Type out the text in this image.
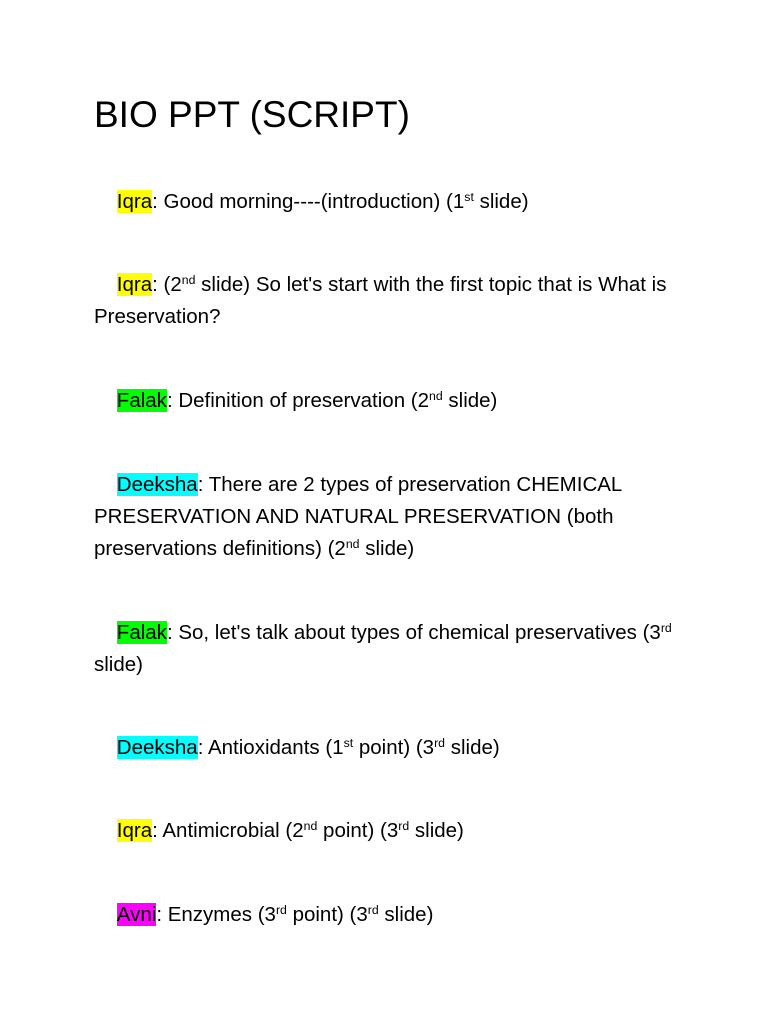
BIO PPT (SCRIPT)

Iqra: Good morning----(introduction) (1st slide)

Iqra: (2nd slide) So let's start with the first topic that is What is Preservation?

Falak: Definition of preservation (2nd slide)

Deeksha: There are 2 types of preservation CHEMICAL PRESERVATION AND NATURAL PRESERVATION (both preservations definitions) (2nd slide)

Falak: So, let's talk about types of chemical preservatives (3rd slide)

Deeksha: Antioxidants (1st point) (3rd slide)

Iqra: Antimicrobial (2nd point) (3rd slide)

Avni: Enzymes (3rd point) (3rd slide)
